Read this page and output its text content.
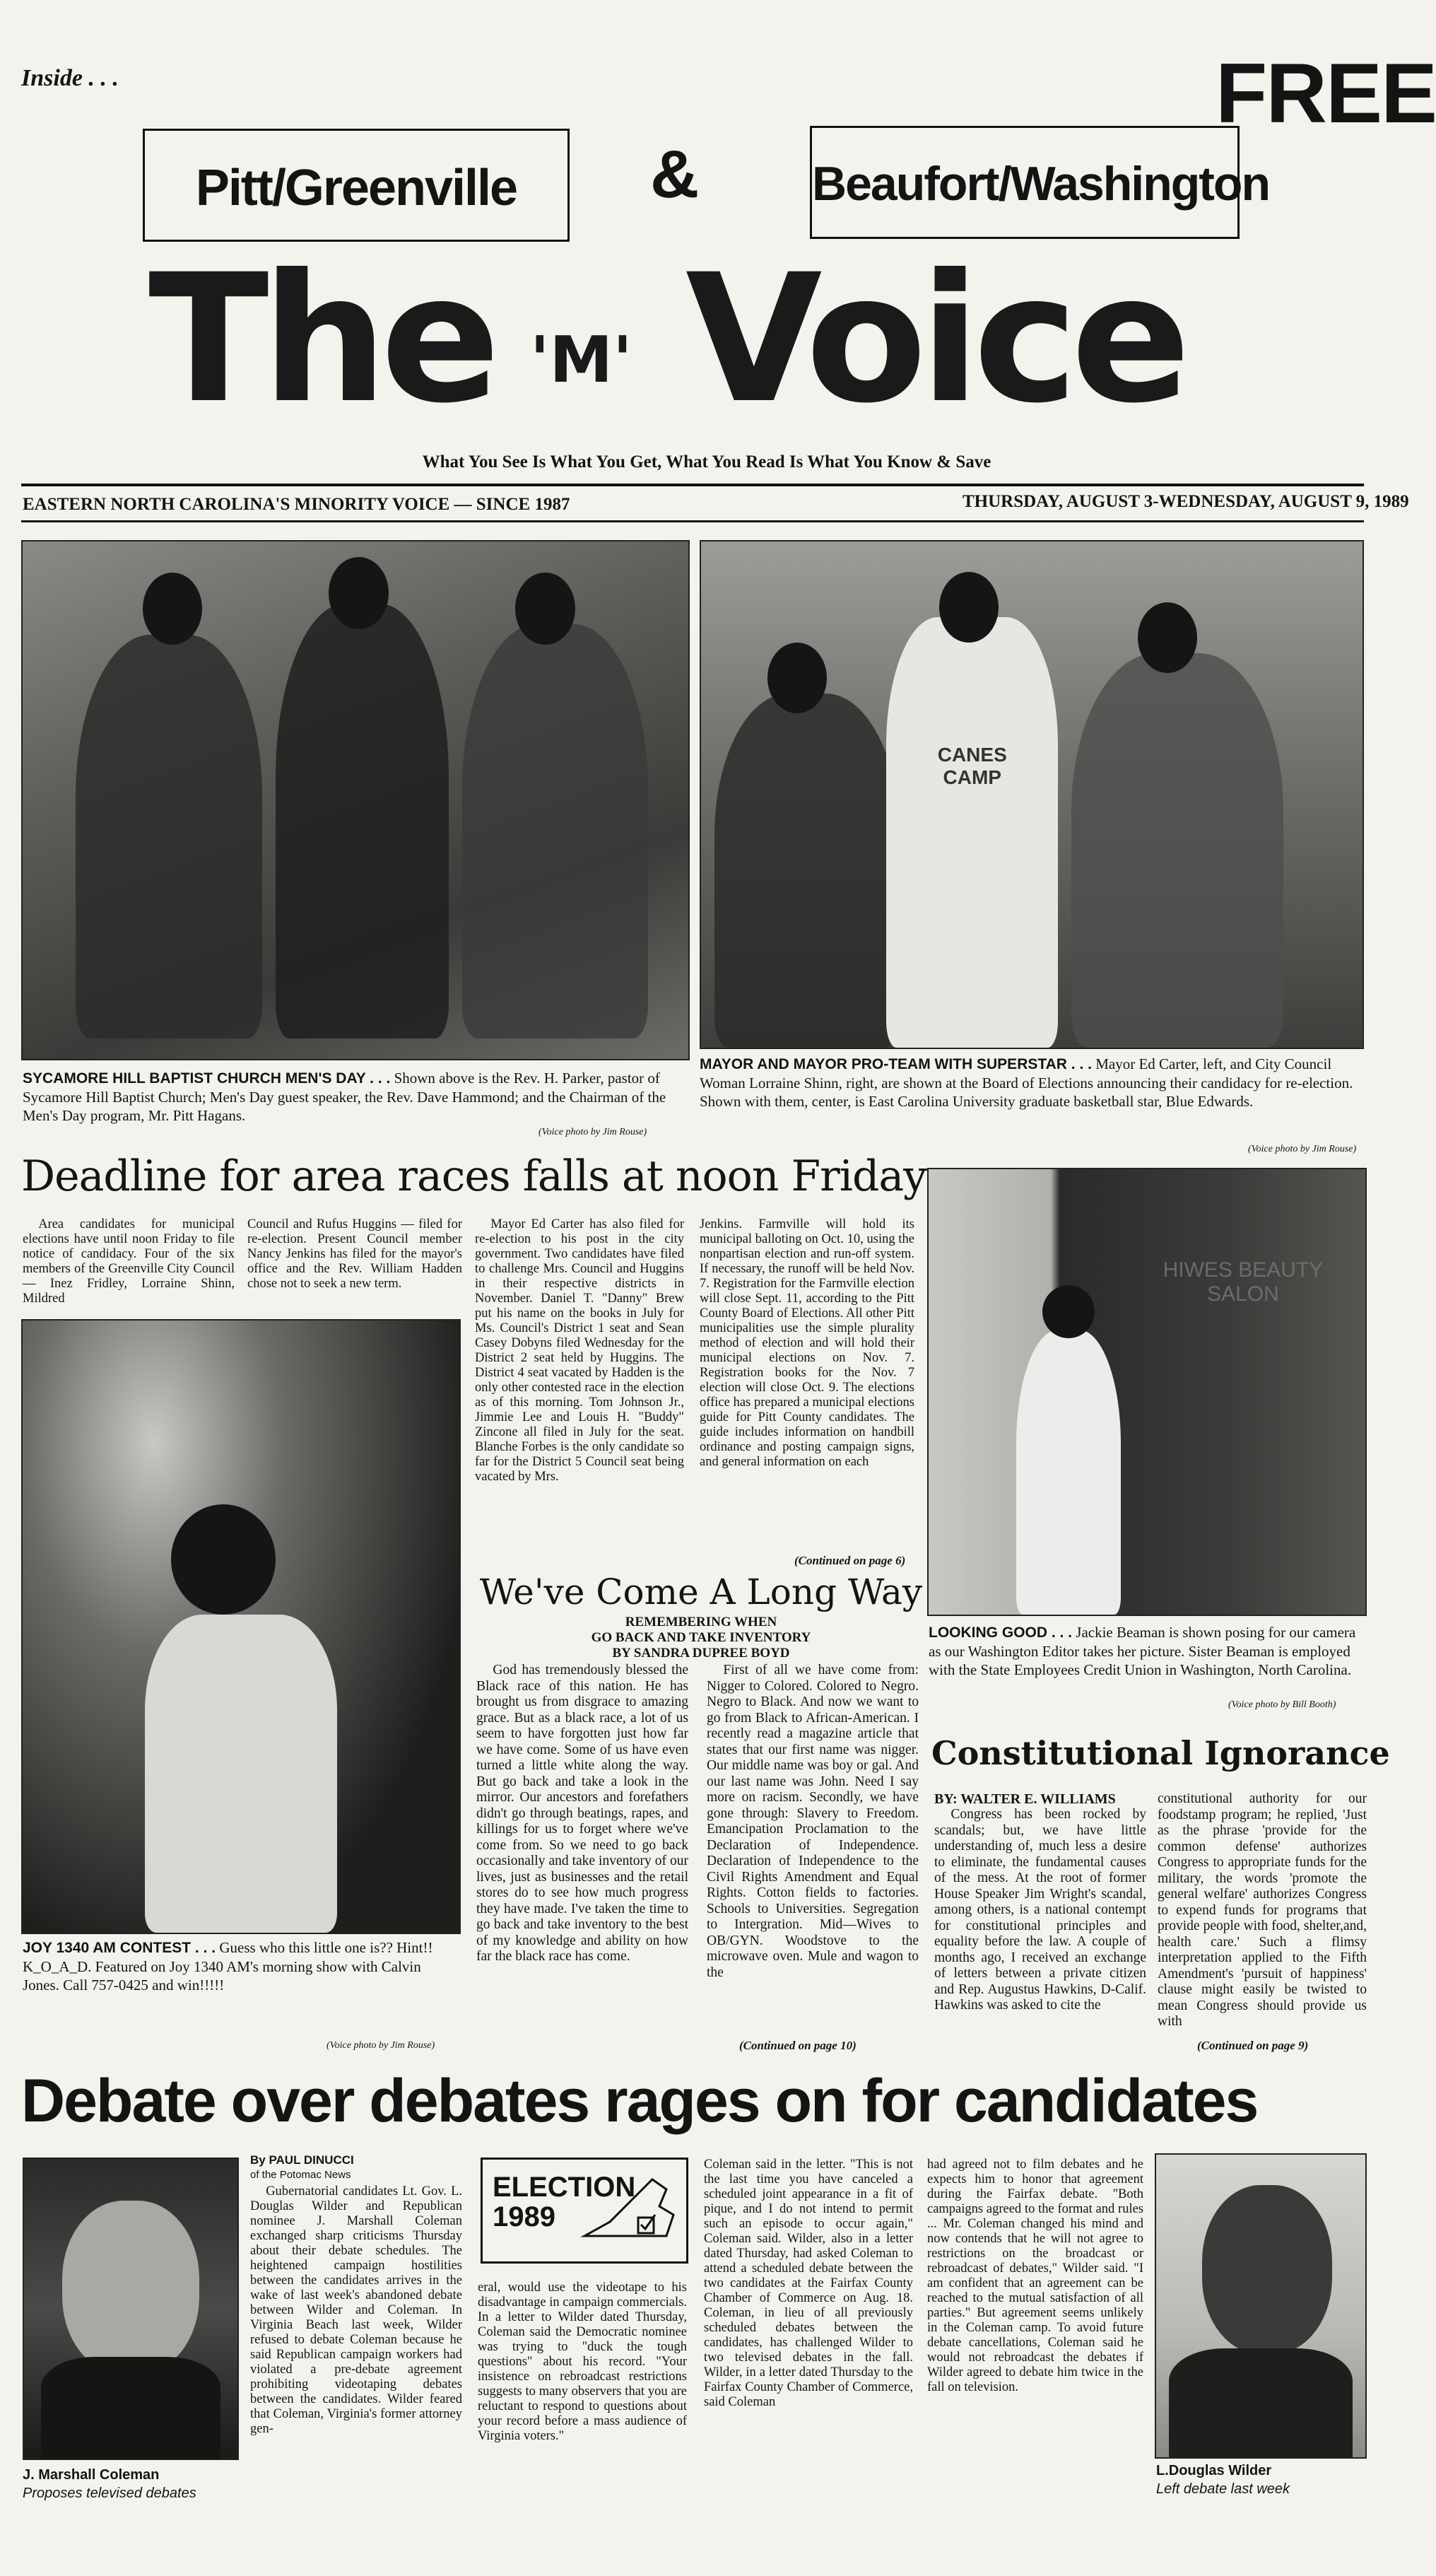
Inside . . .	FREE
Pitt/Greenville	& Beaufort/Washington
The 'M' Voice
What You See Is What You Get, What You Read Is What You Know & Save
EASTERN NORTH CAROLINA'S MINORITY VOICE — SINCE 1987	THURSDAY, AUGUST 3-WEDNESDAY, AUGUST 9, 1989
CANES CAMP
SYCAMORE HILL BAPTIST CHURCH MEN'S DAY . . . Shown above is the Rev. H. Parker, pastor of Sycamore Hill Baptist Church; Men's Day guest speaker, the Rev. Dave Hammond; and the Chairman of the Men's Day program, Mr. Pitt Hagans.
(Voice photo by Jim Rouse)
MAYOR AND MAYOR PRO-TEAM WITH SUPERSTAR . . . Mayor Ed Carter, left, and City Council Woman Lorraine Shinn, right, are shown at the Board of Elections announcing their candidacy for re-election. Shown with them, center, is East Carolina University graduate basketball star, Blue Edwards.
(Voice photo by Jim Rouse)
Deadline for area races falls at noon Friday

Area candidates for municipal elections have until noon Friday to file notice of candidacy. Four of the six members of the Greenville City Council — Inez Fridley, Lorraine Shinn, Mildred

Council and Rufus Huggins — filed for re-election. Present Council member Nancy Jenkins has filed for the mayor's office and the Rev. William Hadden chose not to seek a new term.

Mayor Ed Carter has also filed for re-election to his post in the city government. Two candidates have filed to challenge Mrs. Council and Huggins in their respective districts in November. Daniel T. "Danny" Brew put his name on the books in July for Ms. Council's District 1 seat and Sean Casey Dobyns filed Wednesday for the District 2 seat held by Huggins. The District 4 seat vacated by Hadden is the only other contested race in the election as of this morning. Tom Johnson Jr., Jimmie Lee and Louis H. "Buddy" Zincone all filed in July for the seat. Blanche Forbes is the only candidate so far for the District 5 Council seat being vacated by Mrs.

Jenkins. Farmville will hold its municipal balloting on Oct. 10, using the nonpartisan election and run-off system. If necessary, the runoff will be held Nov. 7. Registration for the Farmville election will close Sept. 11, according to the Pitt County Board of Elections. All other Pitt municipalities use the simple plurality method of election and will hold their municipal elections on Nov. 7. Registration books for the Nov. 7 election will close Oct. 9. The elections office has prepared a municipal elections guide for Pitt County candidates. The guide includes information on handbill ordinance and posting campaign signs, and general information on each

(Continued on page 6)
HIWES BEAUTY SALON
LOOKING GOOD . . . Jackie Beaman is shown posing for our camera as our Washington Editor takes her picture. Sister Beaman is employed with the State Employees Credit Union in Washington, North Carolina.
(Voice photo by Bill Booth)
JOY 1340 AM CONTEST . . . Guess who this little one is?? Hint!! K_O_A_D. Featured on Joy 1340 AM's morning show with Calvin Jones. Call 757-0425 and win!!!!!
(Voice photo by Jim Rouse)
We've Come A Long Way
REMEMBERING WHEN
GO BACK AND TAKE INVENTORY
BY SANDRA DUPREE BOYD

God has tremendously blessed the Black race of this nation. He has brought us from disgrace to amazing grace. But as a black race, a lot of us seem to have forgotten just how far we have come. Some of us have even turned a little white along the way. But go back and take a look in the mirror. Our ancestors and forefathers didn't go through beatings, rapes, and killings for us to forget where we've come from. So we need to go back occasionally and take inventory of our lives, just as businesses and the retail stores do to see how much progress they have made. I've taken the time to go back and take inventory to the best of my knowledge and ability on how far the black race has come.

First of all we have come from: Nigger to Colored. Colored to Negro. Negro to Black. And now we want to go from Black to African-American. I recently read a magazine article that states that our first name was nigger. Our middle name was boy or gal. And our last name was John. Need I say more on racism. Secondly, we have gone through: Slavery to Freedom. Emancipation Proclamation to the Declaration of Independence. Declaration of Independence to the Civil Rights Amendment and Equal Rights. Cotton fields to factories. Schools to Universities. Segregation to Intergration. Mid—Wives to OB/GYN. Woodstove to the microwave oven. Mule and wagon to the

(Continued on page 10)
Constitutional Ignorance
BY: WALTER E. WILLIAMS

Congress has been rocked by scandals; but, we have little understanding of, much less a desire to eliminate, the fundamental causes of the mess. At the root of former House Speaker Jim Wright's scandal, among others, is a national contempt for constitutional principles and equality before the law. A couple of months ago, I received an exchange of letters between a private citizen and Rep. Augustus Hawkins, D-Calif. Hawkins was asked to cite the

constitutional authority for our foodstamp program; he replied, 'Just as the phrase 'provide for the common defense' authorizes Congress to appropriate funds for the military, the words 'promote the general welfare' authorizes Congress to expend funds for programs that provide people with food, shelter,and, health care.' Such a flimsy interpretation applied to the Fifth Amendment's 'pursuit of happiness' clause might easily be twisted to mean Congress should provide us with

(Continued on page 9)
Debate over debates rages on for candidates
J. Marshall Coleman
Proposes televised debates
By PAUL DINUCCI
of the Potomac News

Gubernatorial candidates Lt. Gov. L. Douglas Wilder and Republican nominee J. Marshall Coleman exchanged sharp criticisms Thursday about their debate schedules. The heightened campaign hostilities between the candidates arrives in the wake of last week's abandoned debate between Wilder and Coleman. In Virginia Beach last week, Wilder refused to debate Coleman because he said Republican campaign workers had violated a pre-debate agreement prohibiting videotaping debates between the candidates. Wilder feared that Coleman, Virginia's former attorney gen-

ELECTION 1989

eral, would use the videotape to his disadvantage in campaign commercials. In a letter to Wilder dated Thursday, Coleman said the Democratic nominee was trying to "duck the tough questions" about his record. "Your insistence on rebroadcast restrictions suggests to many observers that you are reluctant to respond to questions about your record before a mass audience of Virginia voters."

Coleman said in the letter. "This is not the last time you have canceled a scheduled joint appearance in a fit of pique, and I do not intend to permit such an episode to occur again," Coleman said. Wilder, also in a letter dated Thursday, had asked Coleman to attend a scheduled debate between the two candidates at the Fairfax County Chamber of Commerce on Aug. 18. Coleman, in lieu of all previously scheduled debates between the candidates, has challenged Wilder to two televised debates in the fall. Wilder, in a letter dated Thursday to the Fairfax County Chamber of Commerce, said Coleman

had agreed not to film debates and he expects him to honor that agreement during the Fairfax debate. "Both campaigns agreed to the format and rules ... Mr. Coleman changed his mind and now contends that he will not agree to restrictions on the broadcast or rebroadcast of debates," Wilder said. "I am confident that an agreement can be reached to the mutual satisfaction of all parties." But agreement seems unlikely in the Coleman camp. To avoid future debate cancellations, Coleman said he would not rebroadcast the debates if Wilder agreed to debate him twice in the fall on television.

L.Douglas Wilder
Left debate last week
